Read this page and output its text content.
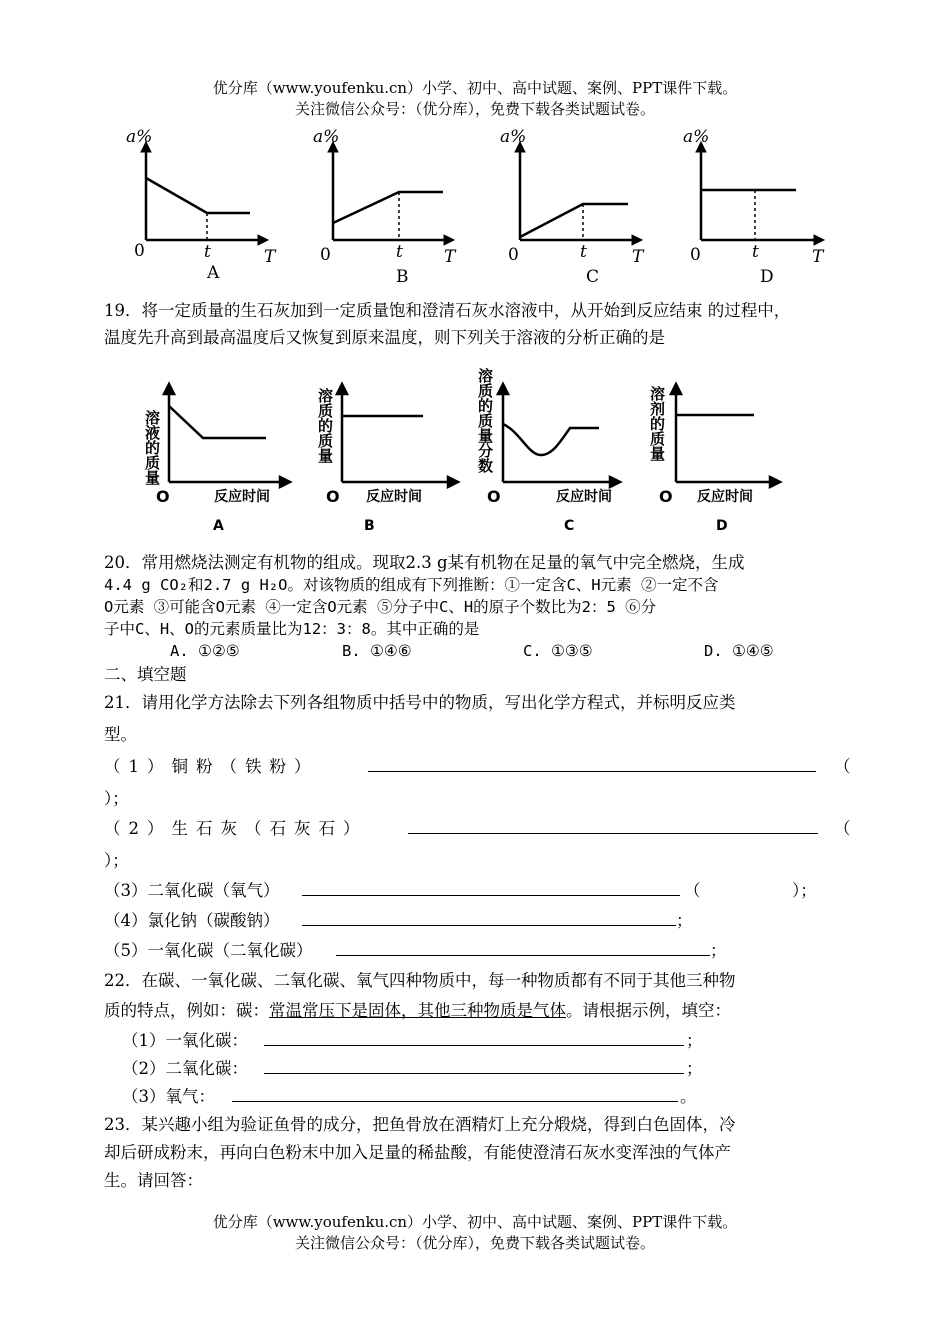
优分库（www.youfenku.cn）小学、初中、高中试题、案例、PPT课件下载。
关注微信公众号：（优分库），免费下载各类试题试卷。
a%	a%	a%	a%
0	0	0	0
t	t	t	t
T	T	T	T
A	B	C	D
19．将一定质量的生石灰加到一定质量饱和澄清石灰水溶液中，从开始到反应结束 的过程中，
温度先升高到最高温度后又恢复到原来温度，则下列关于溶液的分析正确的是
溶液的质量	溶质的质量	溶质的质量分数	溶剂的质量
O	O	O	O
反应时间	反应时间	反应时间	反应时间
A	B	C	D
20．常用燃烧法测定有机物的组成。现取2.3 g某有机物在足量的氧气中完全燃烧，生成
4.4 g CO₂和2.7 g H₂O。对该物质的组成有下列推断：①一定含C、H元素 ②一定不含
O元素 ③可能含O元素 ④一定含O元素 ⑤分子中C、H的原子个数比为2：5 ⑥分
子中C、H、O的元素质量比为12：3：8。其中正确的是
A. ①②⑤	B. ①④⑥	C. ①③⑤	D. ①④⑤
二、填空题
21．请用化学方法除去下列各组物质中括号中的物质，写出化学方程式，并标明反应类
型。
（1）铜粉（铁粉）	（
）；
（2）生石灰（石灰石）	（
）；
（3）二氧化碳（氧气）	（	）；
（4）氯化钠（碳酸钠）	；
（5）一氧化碳（二氧化碳）	；
22．在碳、一氧化碳、二氧化碳、氧气四种物质中，每一种物质都有不同于其他三种物
质的特点，例如：碳：常温常压下是固体，其他三种物质是气体。请根据示例，填空：
（1）一氧化碳：	；
（2）二氧化碳：	；
（3）氧气：	。
23．某兴趣小组为验证鱼骨的成分，把鱼骨放在酒精灯上充分煅烧，得到白色固体，冷
却后研成粉末，再向白色粉末中加入足量的稀盐酸，有能使澄清石灰水变浑浊的气体产
生。请回答：
优分库（www.youfenku.cn）小学、初中、高中试题、案例、PPT课件下载。
关注微信公众号：（优分库），免费下载各类试题试卷。
